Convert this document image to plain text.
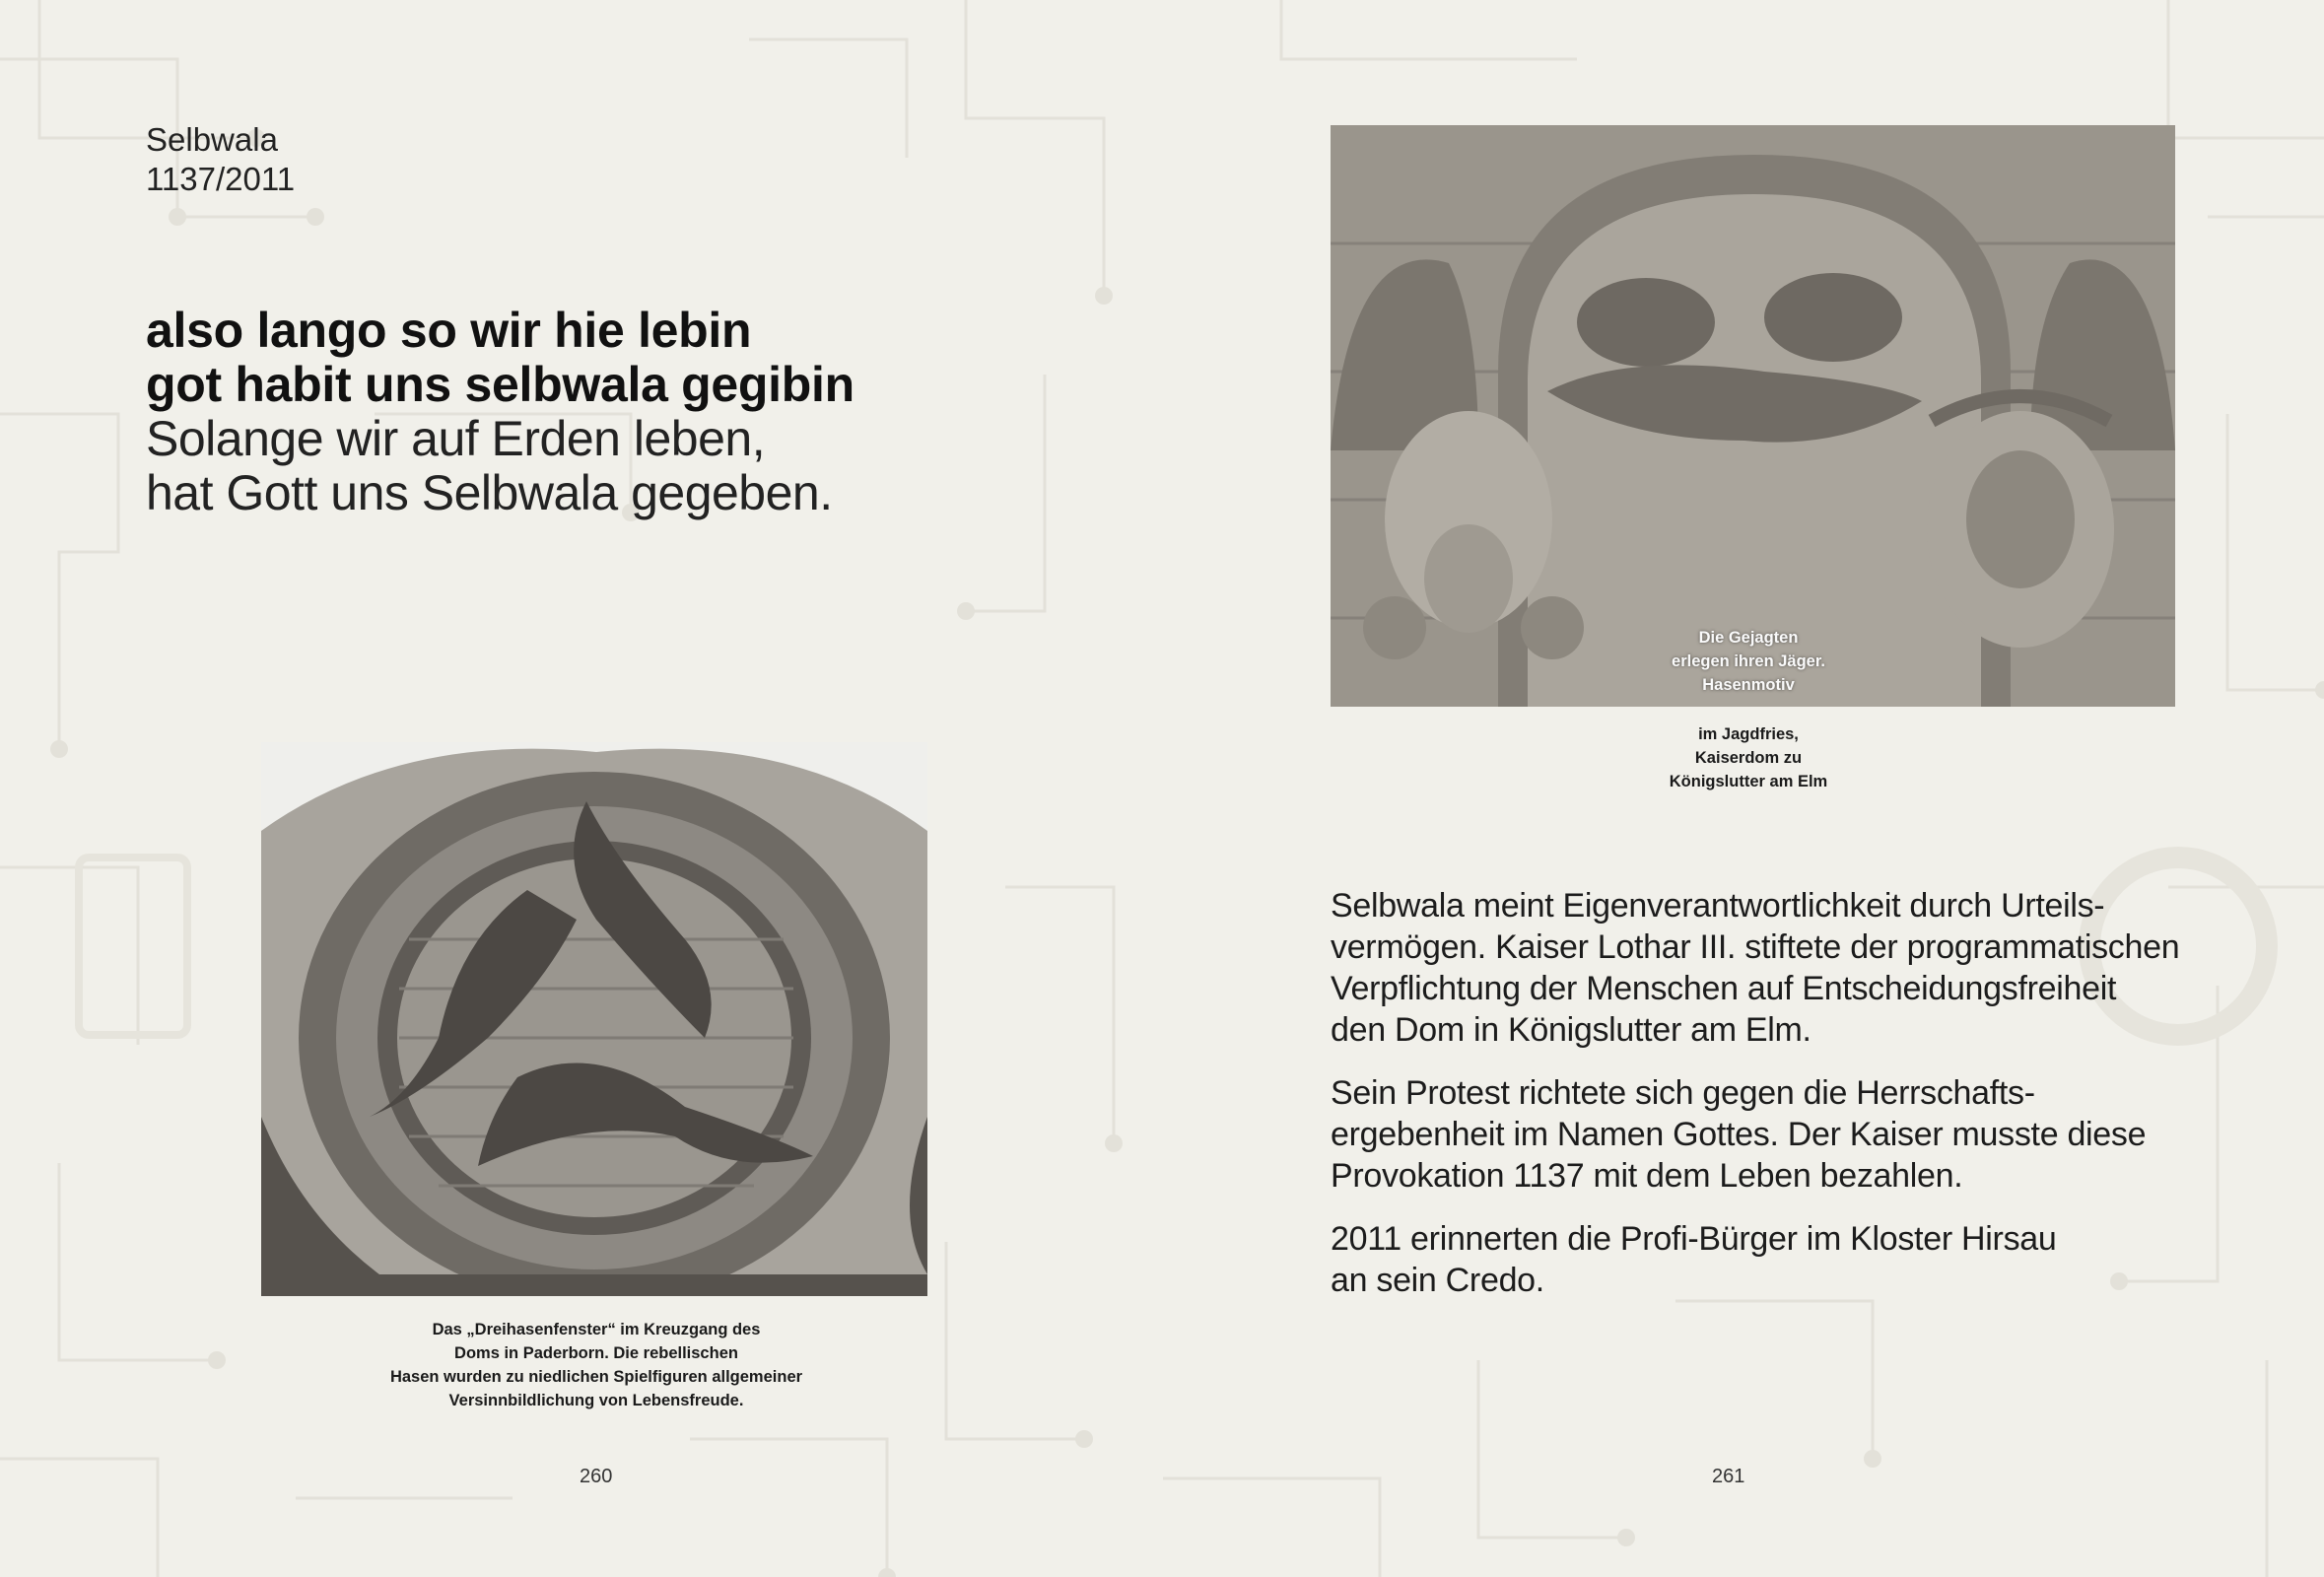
Selbwala
1137/2011
also lango so wir hie lebin
got habit uns selbwala gegibin
Solange wir auf Erden leben,
hat Gott uns Selbwala gegeben.
Das „Dreihasenfenster“ im Kreuzgang des
Doms in Paderborn. Die rebellischen
Hasen wurden zu niedlichen Spielfiguren allgemeiner
Versinnbildlichung von Lebensfreude.
260
Die Gejagten
erlegen ihren Jäger.
Hasenmotiv
im Jagdfries,
Kaiserdom zu
Königslutter am Elm

Selbwala meint Eigenverantwortlichkeit durch Urteils-
vermögen. Kaiser Lothar III. stiftete der programmatischen
Verpflichtung der Menschen auf Entscheidungsfreiheit
den Dom in Königslutter am Elm.

Sein Protest richtete sich gegen die Herrschafts-
ergebenheit im Namen Gottes. Der Kaiser musste diese
Provokation 1137 mit dem Leben bezahlen.

2011 erinnerten die Profi-Bürger im Kloster Hirsau
an sein Credo.

261
